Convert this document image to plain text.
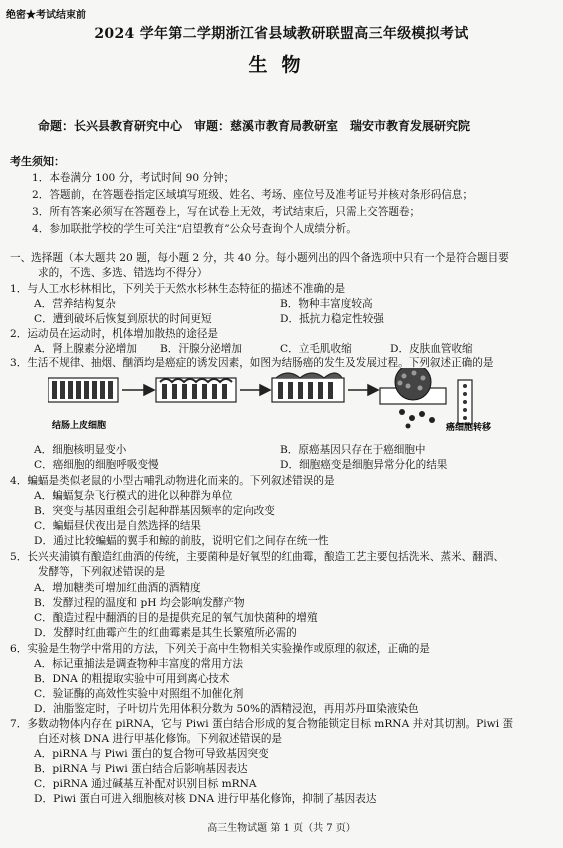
绝密★考试结束前
2024 学年第二学期浙江省县域教研联盟高三年级模拟考试
生物
命题：长兴县教育研究中心　审题：慈溪市教育局教研室　瑞安市教育发展研究院
考生须知：
1．本卷满分 100 分，考试时间 90 分钟；
2．答题前，在答题卷指定区域填写班级、姓名、考场、座位号及准考证号并核对条形码信息；
3．所有答案必须写在答题卷上，写在试卷上无效，考试结束后，只需上交答题卷；
4．参加联批学校的学生可关注“启望教育”公众号查询个人成绩分析。
一、选择题（本大题共 20 题，每小题 2 分，共 40 分。每小题列出的四个备选项中只有一个是符合题目要
求的，不选、多选、错选均不得分）
1．与人工水杉林相比，下列关于天然水杉林生态特征的描述不准确的是
A．营养结构复杂	B．物种丰富度较高
C．遭到破坏后恢复到原状的时间更短	D．抵抗力稳定性较强
2．运动员在运动时，机体增加散热的途径是
A．肾上腺素分泌增加 B．汗腺分泌增加	C．立毛肌收缩	D．皮肤血管收缩
3．生活不规律、抽烟、酗酒均是癌症的诱发因素，如图为结肠癌的发生及发展过程。下列叙述正确的是
结肠上皮细胞	癌细胞转移
A．细胞核明显变小	B．原癌基因只存在于癌细胞中
C．癌细胞的细胞呼吸变慢	D．细胞癌变是细胞异常分化的结果
4．蝙蝠是类似老鼠的小型古哺乳动物进化而来的。下列叙述错误的是
A．蝙蝠复杂飞行模式的进化以种群为单位
B．突变与基因重组会引起种群基因频率的定向改变
C．蝙蝠昼伏夜出是自然选择的结果
D．通过比较蝙蝠的翼手和鲸的前肢，说明它们之间存在统一性
5．长兴夹浦镇有酿造红曲酒的传统，主要菌种是好氧型的红曲霉，酿造工艺主要包括洗米、蒸米、翻酒、
发酵等，下列叙述错误的是
A．增加糖类可增加红曲酒的酒精度
B．发酵过程的温度和 pH 均会影响发酵产物
C．酿造过程中翻酒的目的是提供充足的氧气加快菌种的增殖
D．发酵时红曲霉产生的红曲霉素是其生长繁殖所必需的
6．实验是生物学中常用的方法，下列关于高中生物相关实验操作或原理的叙述，正确的是
A．标记重捕法是调查物种丰富度的常用方法
B．DNA 的粗提取实验中可用到离心技术
C．验证酶的高效性实验中对照组不加催化剂
D．油脂鉴定时，子叶切片先用体积分数为 50%的酒精浸泡，再用苏丹Ⅲ染液染色
7．多数动物体内存在 piRNA，它与 Piwi 蛋白结合形成的复合物能锁定目标 mRNA 并对其切割。Piwi 蛋
白还对核 DNA 进行甲基化修饰。下列叙述错误的是
A．piRNA 与 Piwi 蛋白的复合物可导致基因突变
B．piRNA 与 Piwi 蛋白结合后影响基因表达
C．piRNA 通过碱基互补配对识别目标 mRNA
D．Piwi 蛋白可进入细胞核对核 DNA 进行甲基化修饰，抑制了基因表达
高三生物试题 第 1 页（共 7 页）
